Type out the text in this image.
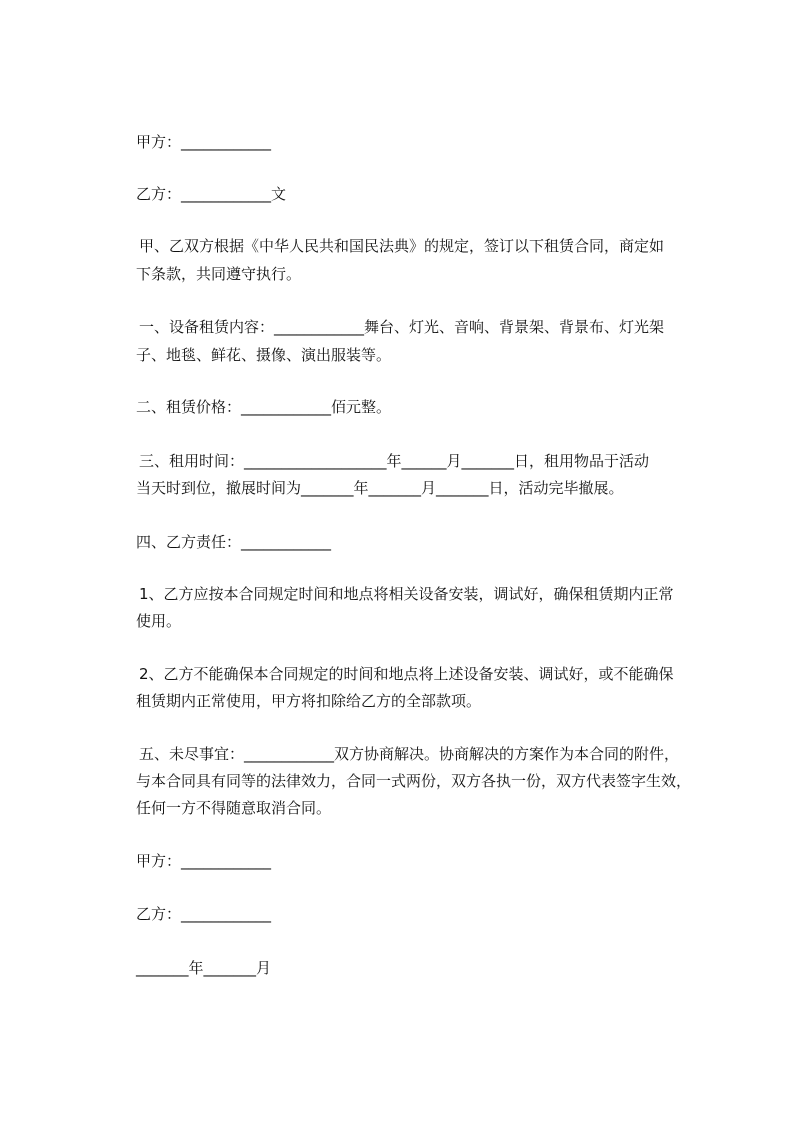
甲方：____________
乙方：____________文
甲、乙双方根据《中华人民共和国民法典》的规定，签订以下租赁合同，商定如
下条款，共同遵守执行。
一、设备租赁内容：____________舞台、灯光、音响、背景架、背景布、灯光架
子、地毯、鲜花、摄像、演出服装等。
二、租赁价格：____________佰元整。
三、租用时间：___________________年______月_______日，租用物品于活动
当天时到位，撤展时间为_______年_______月_______日，活动完毕撤展。
四、乙方责任：____________
1、乙方应按本合同规定时间和地点将相关设备安装，调试好，确保租赁期内正常
使用。
2、乙方不能确保本合同规定的时间和地点将上述设备安装、调试好，或不能确保
租赁期内正常使用，甲方将扣除给乙方的全部款项。
五、未尽事宜：____________双方协商解决。协商解决的方案作为本合同的附件，
与本合同具有同等的法律效力，合同一式两份，双方各执一份，双方代表签字生效，
任何一方不得随意取消合同。
甲方：____________
乙方：____________
_______年_______月
